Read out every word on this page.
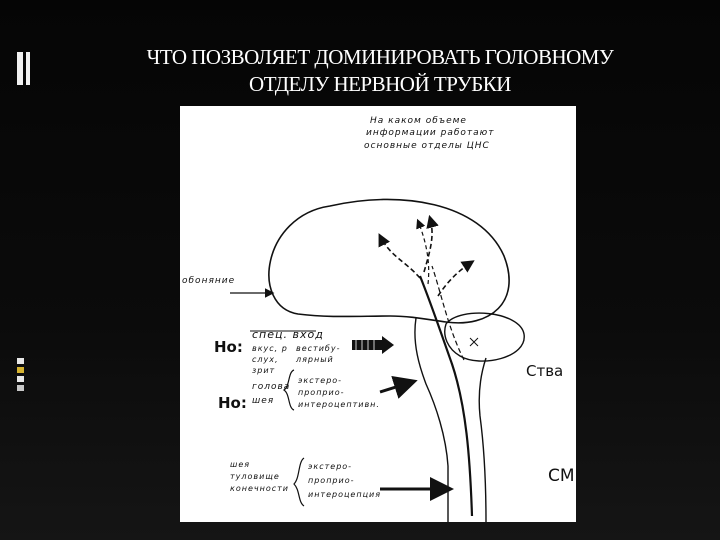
ЧТО ПОЗВОЛЯЕТ ДОМИНИРОВАТЬ ГОЛОВНОМУ
ОТДЕЛУ НЕРВНОЙ ТРУБКИ
На каком объеме
информации работают
основные отделы ЦНС
обоняние
Но:
спец. вход
вкус, р
слух,
зрит
вестибу-
лярный
Но:
голова
шея
экстеро-
проприо-
интероцептивн.
шея
туловище
конечности
экстеро-
проприо-
интероцепция
Ства
СМ
